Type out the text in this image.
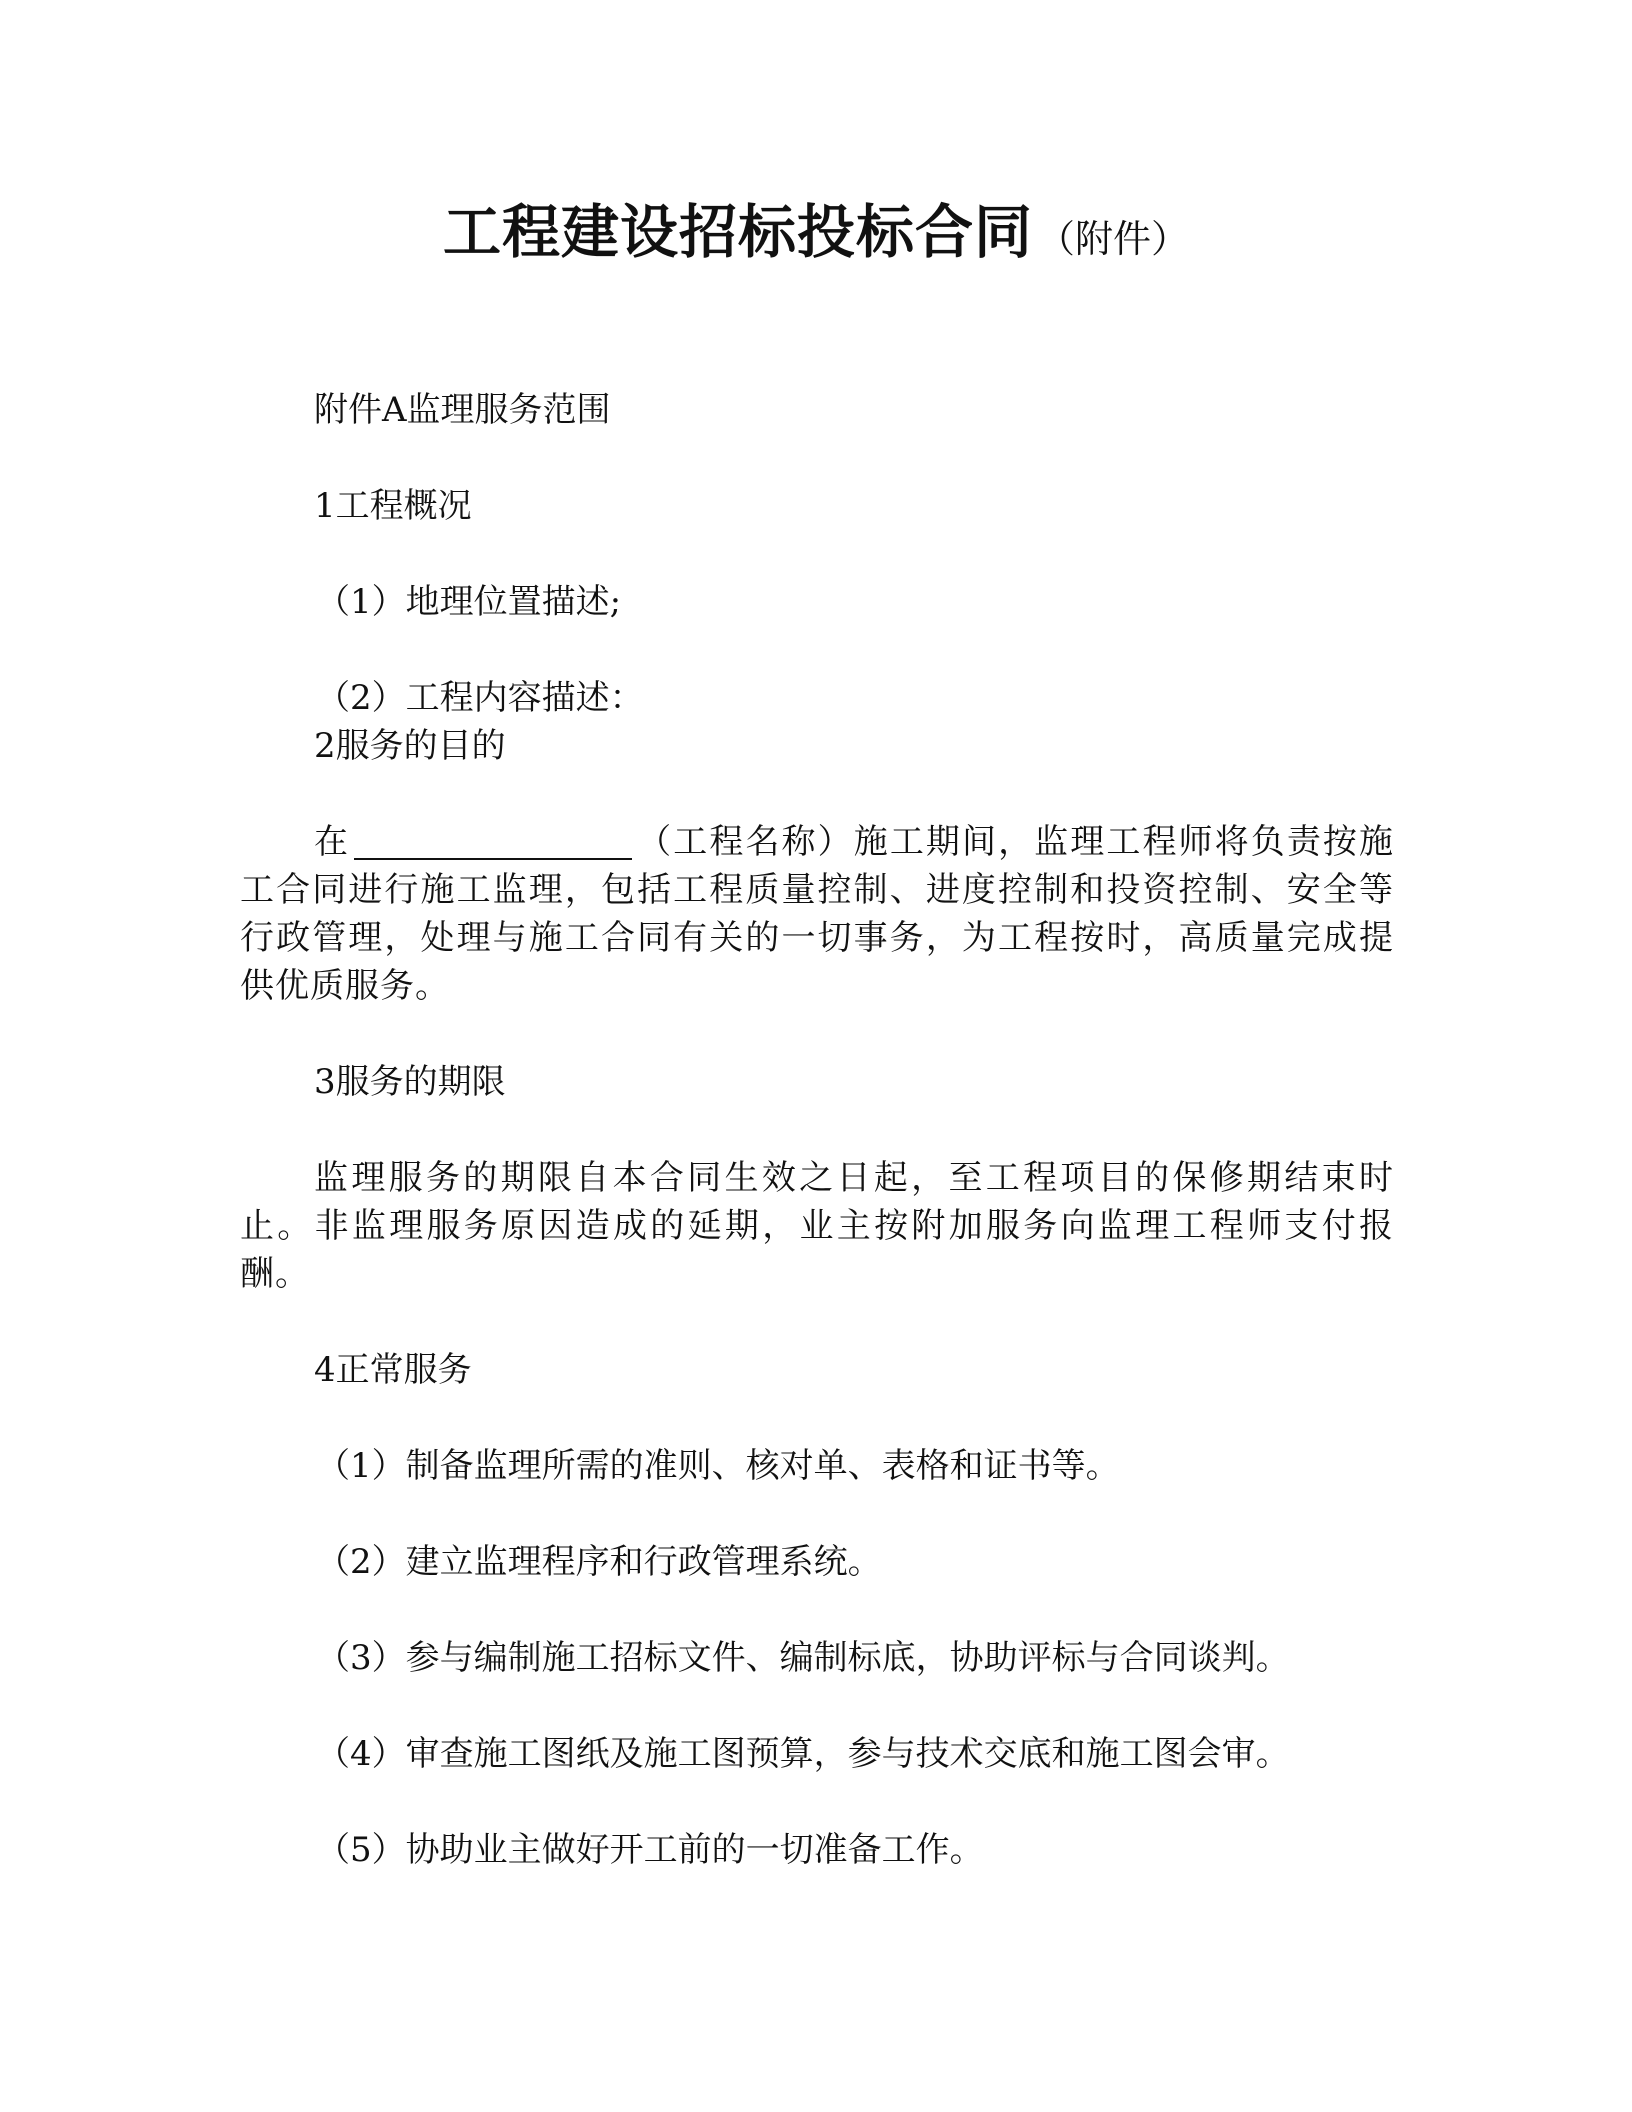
工程建设招标投标合同 （附件）
附件A监理服务范围
1工程概况
（1）地理位置描述;
（2）工程内容描述：
2服务的目的
在	（工程名称）施工期间，监理工程师将负责按施工合同进行施工监理，包括工程质量控制、进度控制和投资控制、安全等行政管理，处理与施工合同有关的一切事务，为工程按时，高质量完成提供优质服务。
3服务的期限
监理服务的期限自本合同生效之日起，至工程项目的保修期结束时止。非监理服务原因造成的延期，业主按附加服务向监理工程师支付报酬。
4正常服务
（1）制备监理所需的准则、核对单、表格和证书等。
（2）建立监理程序和行政管理系统。
（3）参与编制施工招标文件、编制标底，协助评标与合同谈判。
（4）审查施工图纸及施工图预算，参与技术交底和施工图会审。
（5）协助业主做好开工前的一切准备工作。
